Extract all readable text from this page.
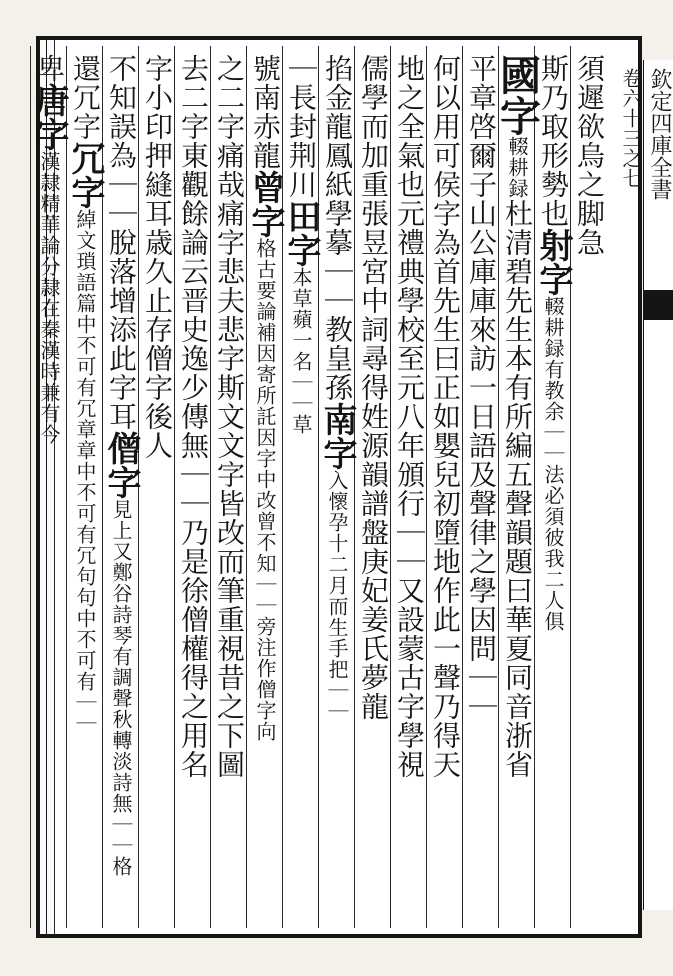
須遲欲烏之脚急
斯乃取形勢也射字輟耕録有教余｜｜法必須彼我二人俱
國字輟耕録杜清碧先生本有所編五聲韻題曰華夏同音浙省
平章啓爾子山公庫庫來訪一日語及聲律之學因問｜｜
何以用可侯字為首先生曰正如嬰兒初墮地作此一聲乃得天
地之全氣也元禮典學校至元八年頒行｜｜又設蒙古字學視
儒學而加重張昱宮中詞尋得姓源韻譜盤庚妃姜氏夢龍
掐金龍鳳紙學摹｜｜教皇孫南字入懷孕十二月而生手把｜｜
｜長封荆川田字本草蘋一名｜｜草
號南赤龍曾字格古要論補因寄所託因字中改曾不知｜｜旁注作僧字向
之二字痛哉痛字悲夫悲字斯文文字皆改而筆重視昔之下圖
去二字東觀餘論云晋史逸少傳無｜｜乃是徐僧權得之用名
字小印押縫耳歳久止存僧字後人
不知誤為｜｜脫落增添此字耳僧字見上又鄭谷詩琴有調聲秋轉淡詩無｜｜格
還冗字冗字綽文瑣語篇中不可有冗章章中不可有冗句句中不可有｜｜
卑唐字漢隷精華論分隷在秦漢時兼有今
欽定四庫全書
卷六十三之七
